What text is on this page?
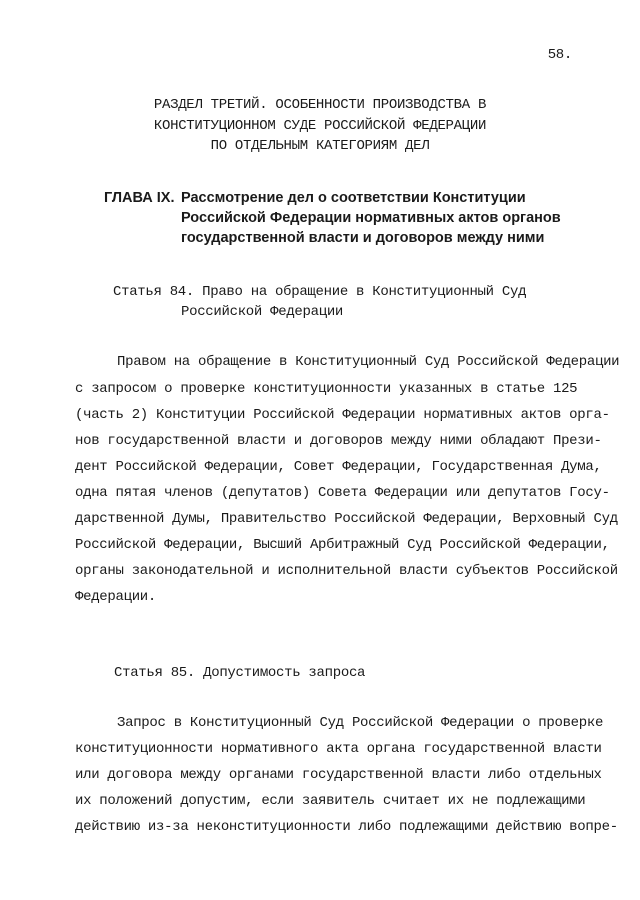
58.
РАЗДЕЛ ТРЕТИЙ. ОСОБЕННОСТИ ПРОИЗВОДСТВА В
КОНСТИТУЦИОННОМ СУДЕ РОССИЙСКОЙ ФЕДЕРАЦИИ
ПО ОТДЕЛЬНЫМ КАТЕГОРИЯМ ДЕЛ
ГЛАВА IX. Рассмотрение дел о соответствии Конституции
Российской Федерации нормативных актов органов
государственной власти и договоров между ними
Статья 84. Право на обращение в Конституционный Суд
Российской Федерации
Правом на обращение в Конституционный Суд Российской Федерации
с запросом о проверке конституционности указанных в статье 125
(часть 2) Конституции Российской Федерации нормативных актов орга-
нов государственной власти и договоров между ними обладают Прези-
дент Российской Федерации, Совет Федерации, Государственная Дума,
одна пятая членов (депутатов) Совета Федерации или депутатов Госу-
дарственной Думы, Правительство Российской Федерации, Верховный Суд
Российской Федерации, Высший Арбитражный Суд Российской Федерации,
органы законодательной и исполнительной власти субъектов Российской
Федерации.
Статья 85. Допустимость запроса
Запрос в Конституционный Суд Российской Федерации о проверке
конституционности нормативного акта органа государственной власти
или договора между органами государственной власти либо отдельных
их положений допустим, если заявитель считает их не подлежащими
действию из-за неконституционности либо подлежащими действию вопре-
